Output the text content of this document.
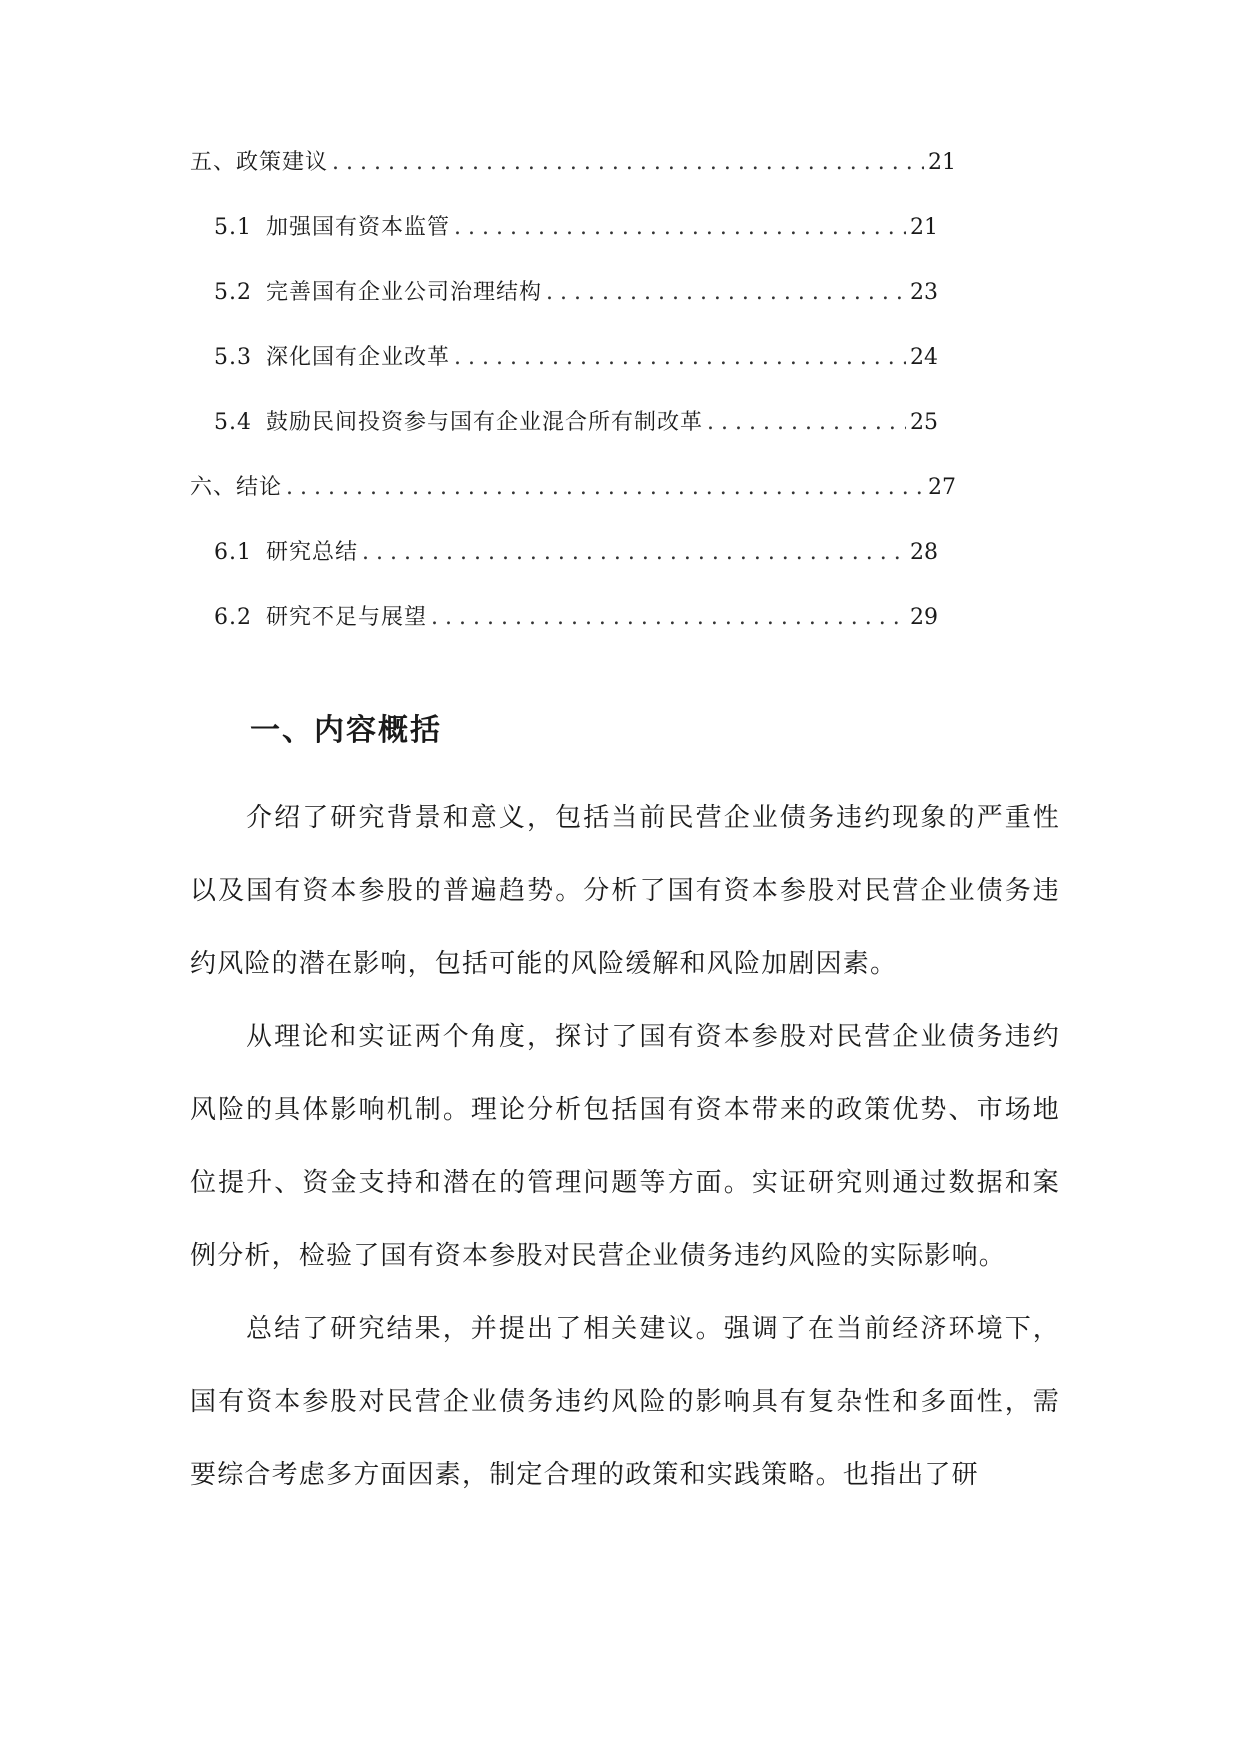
五、政策建议 .....	21
5.1 加强国有资本监管 .....	21
5.2 完善国有企业公司治理结构 .....	23
5.3 深化国有企业改革 .....	24
5.4 鼓励民间投资参与国有企业混合所有制改革 .....	25
六、结论 .....	27
6.1 研究总结 .....	28
6.2 研究不足与展望 .....	29
一、内容概括

介绍了研究背景和意义，包括当前民营企业债务违约现象的严重性以及国有资本参股的普遍趋势。分析了国有资本参股对民营企业债务违约风险的潜在影响，包括可能的风险缓解和风险加剧因素。

从理论和实证两个角度，探讨了国有资本参股对民营企业债务违约风险的具体影响机制。理论分析包括国有资本带来的政策优势、市场地位提升、资金支持和潜在的管理问题等方面。实证研究则通过数据和案例分析，检验了国有资本参股对民营企业债务违约风险的实际影响。

总结了研究结果，并提出了相关建议。强调了在当前经济环境下，国有资本参股对民营企业债务违约风险的影响具有复杂性和多面性，需要综合考虑多方面因素，制定合理的政策和实践策略。也指出了研
